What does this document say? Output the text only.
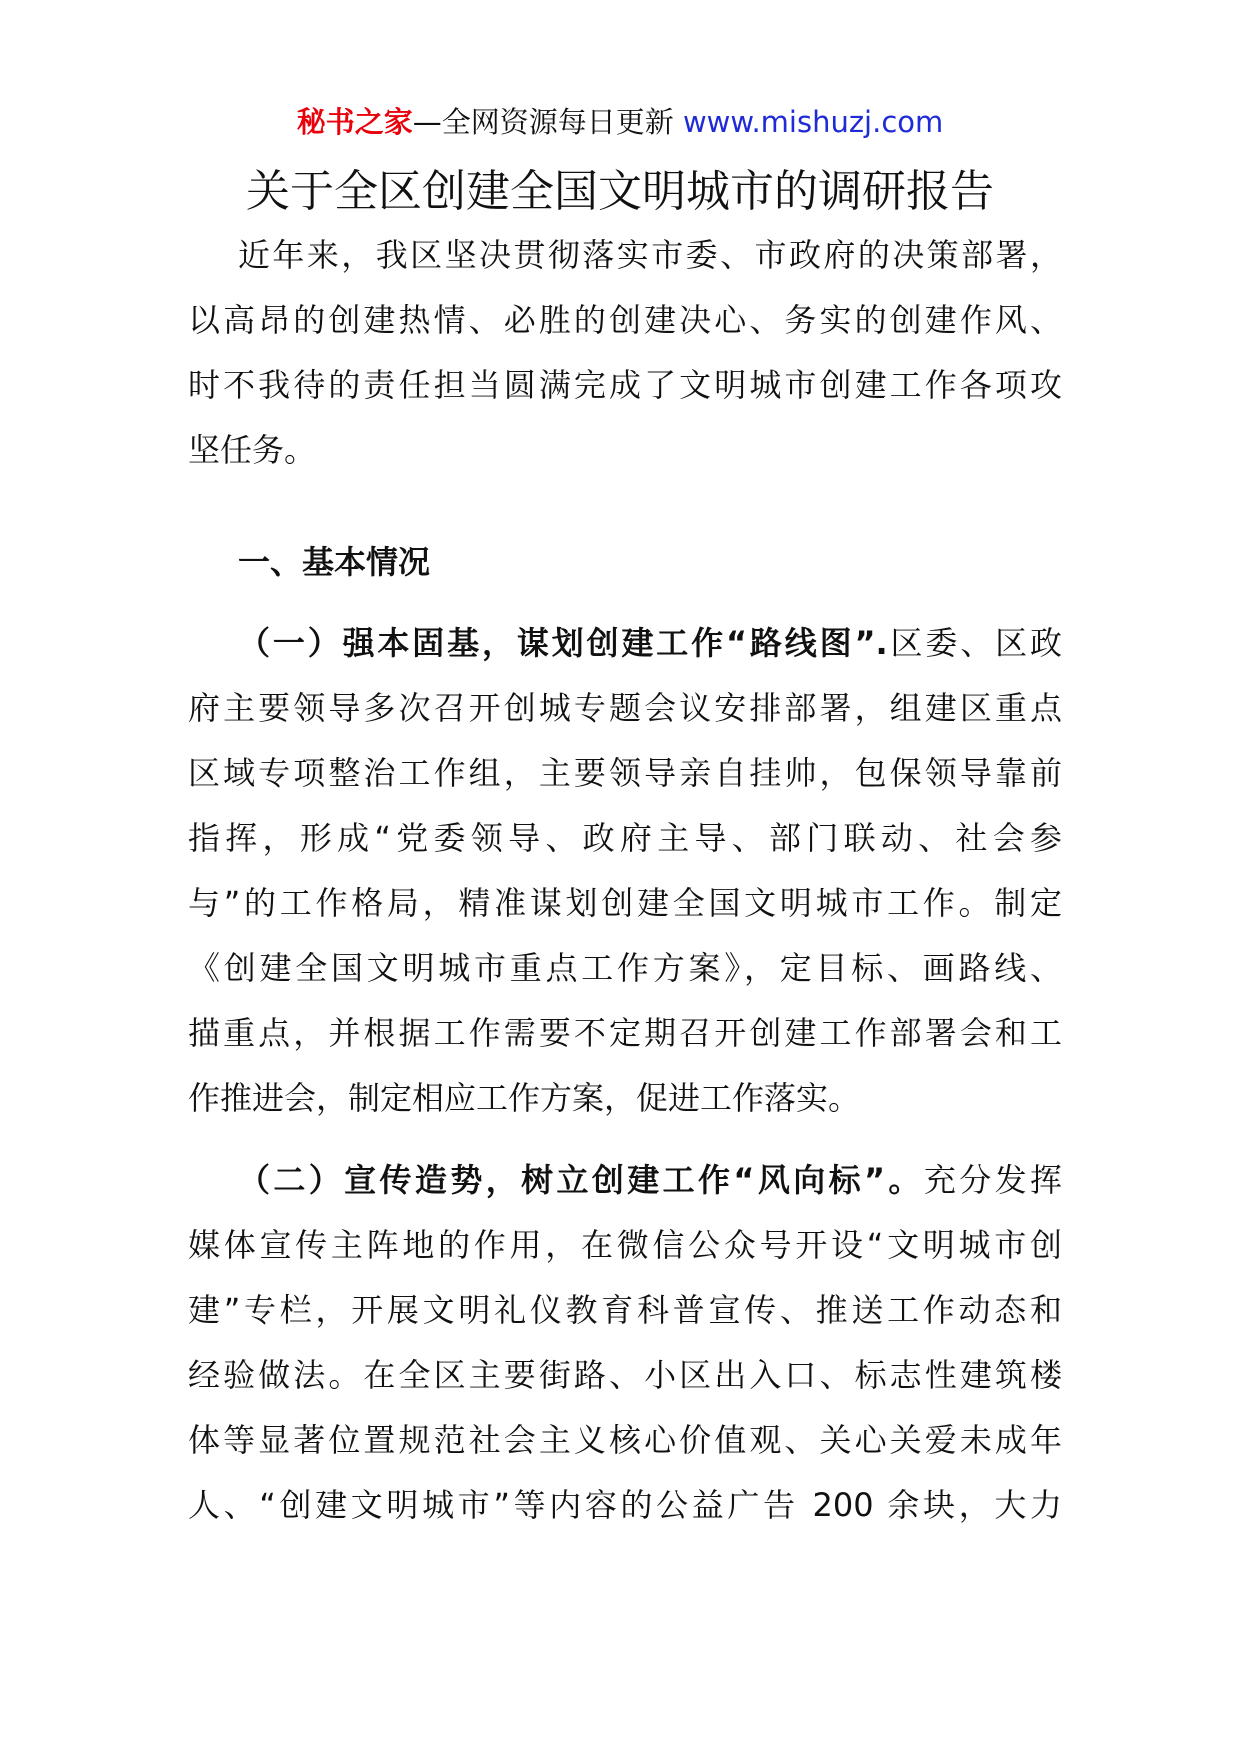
秘书之家—全网资源每日更新 www.mishuzj.com
关于全区创建全国文明城市的调研报告
近年来，我区坚决贯彻落实市委、市政府的决策部署，
以高昂的创建热情、必胜的创建决心、务实的创建作风、
时不我待的责任担当圆满完成了文明城市创建工作各项攻
坚任务。
一、基本情况
（一）强本固基，谋划创建工作“路线图”.区委、区政
府主要领导多次召开创城专题会议安排部署，组建区重点
区域专项整治工作组，主要领导亲自挂帅，包保领导靠前
指挥，形成“党委领导、政府主导、部门联动、社会参
与”的工作格局，精准谋划创建全国文明城市工作。制定
《创建全国文明城市重点工作方案》，定目标、画路线、
描重点，并根据工作需要不定期召开创建工作部署会和工
作推进会，制定相应工作方案，促进工作落实。
（二）宣传造势，树立创建工作“风向标”。充分发挥
媒体宣传主阵地的作用，在微信公众号开设“文明城市创
建”专栏，开展文明礼仪教育科普宣传、推送工作动态和
经验做法。在全区主要街路、小区出入口、标志性建筑楼
体等显著位置规范社会主义核心价值观、关心关爱未成年
人、“创建文明城市”等内容的公益广告 200 余块，大力
